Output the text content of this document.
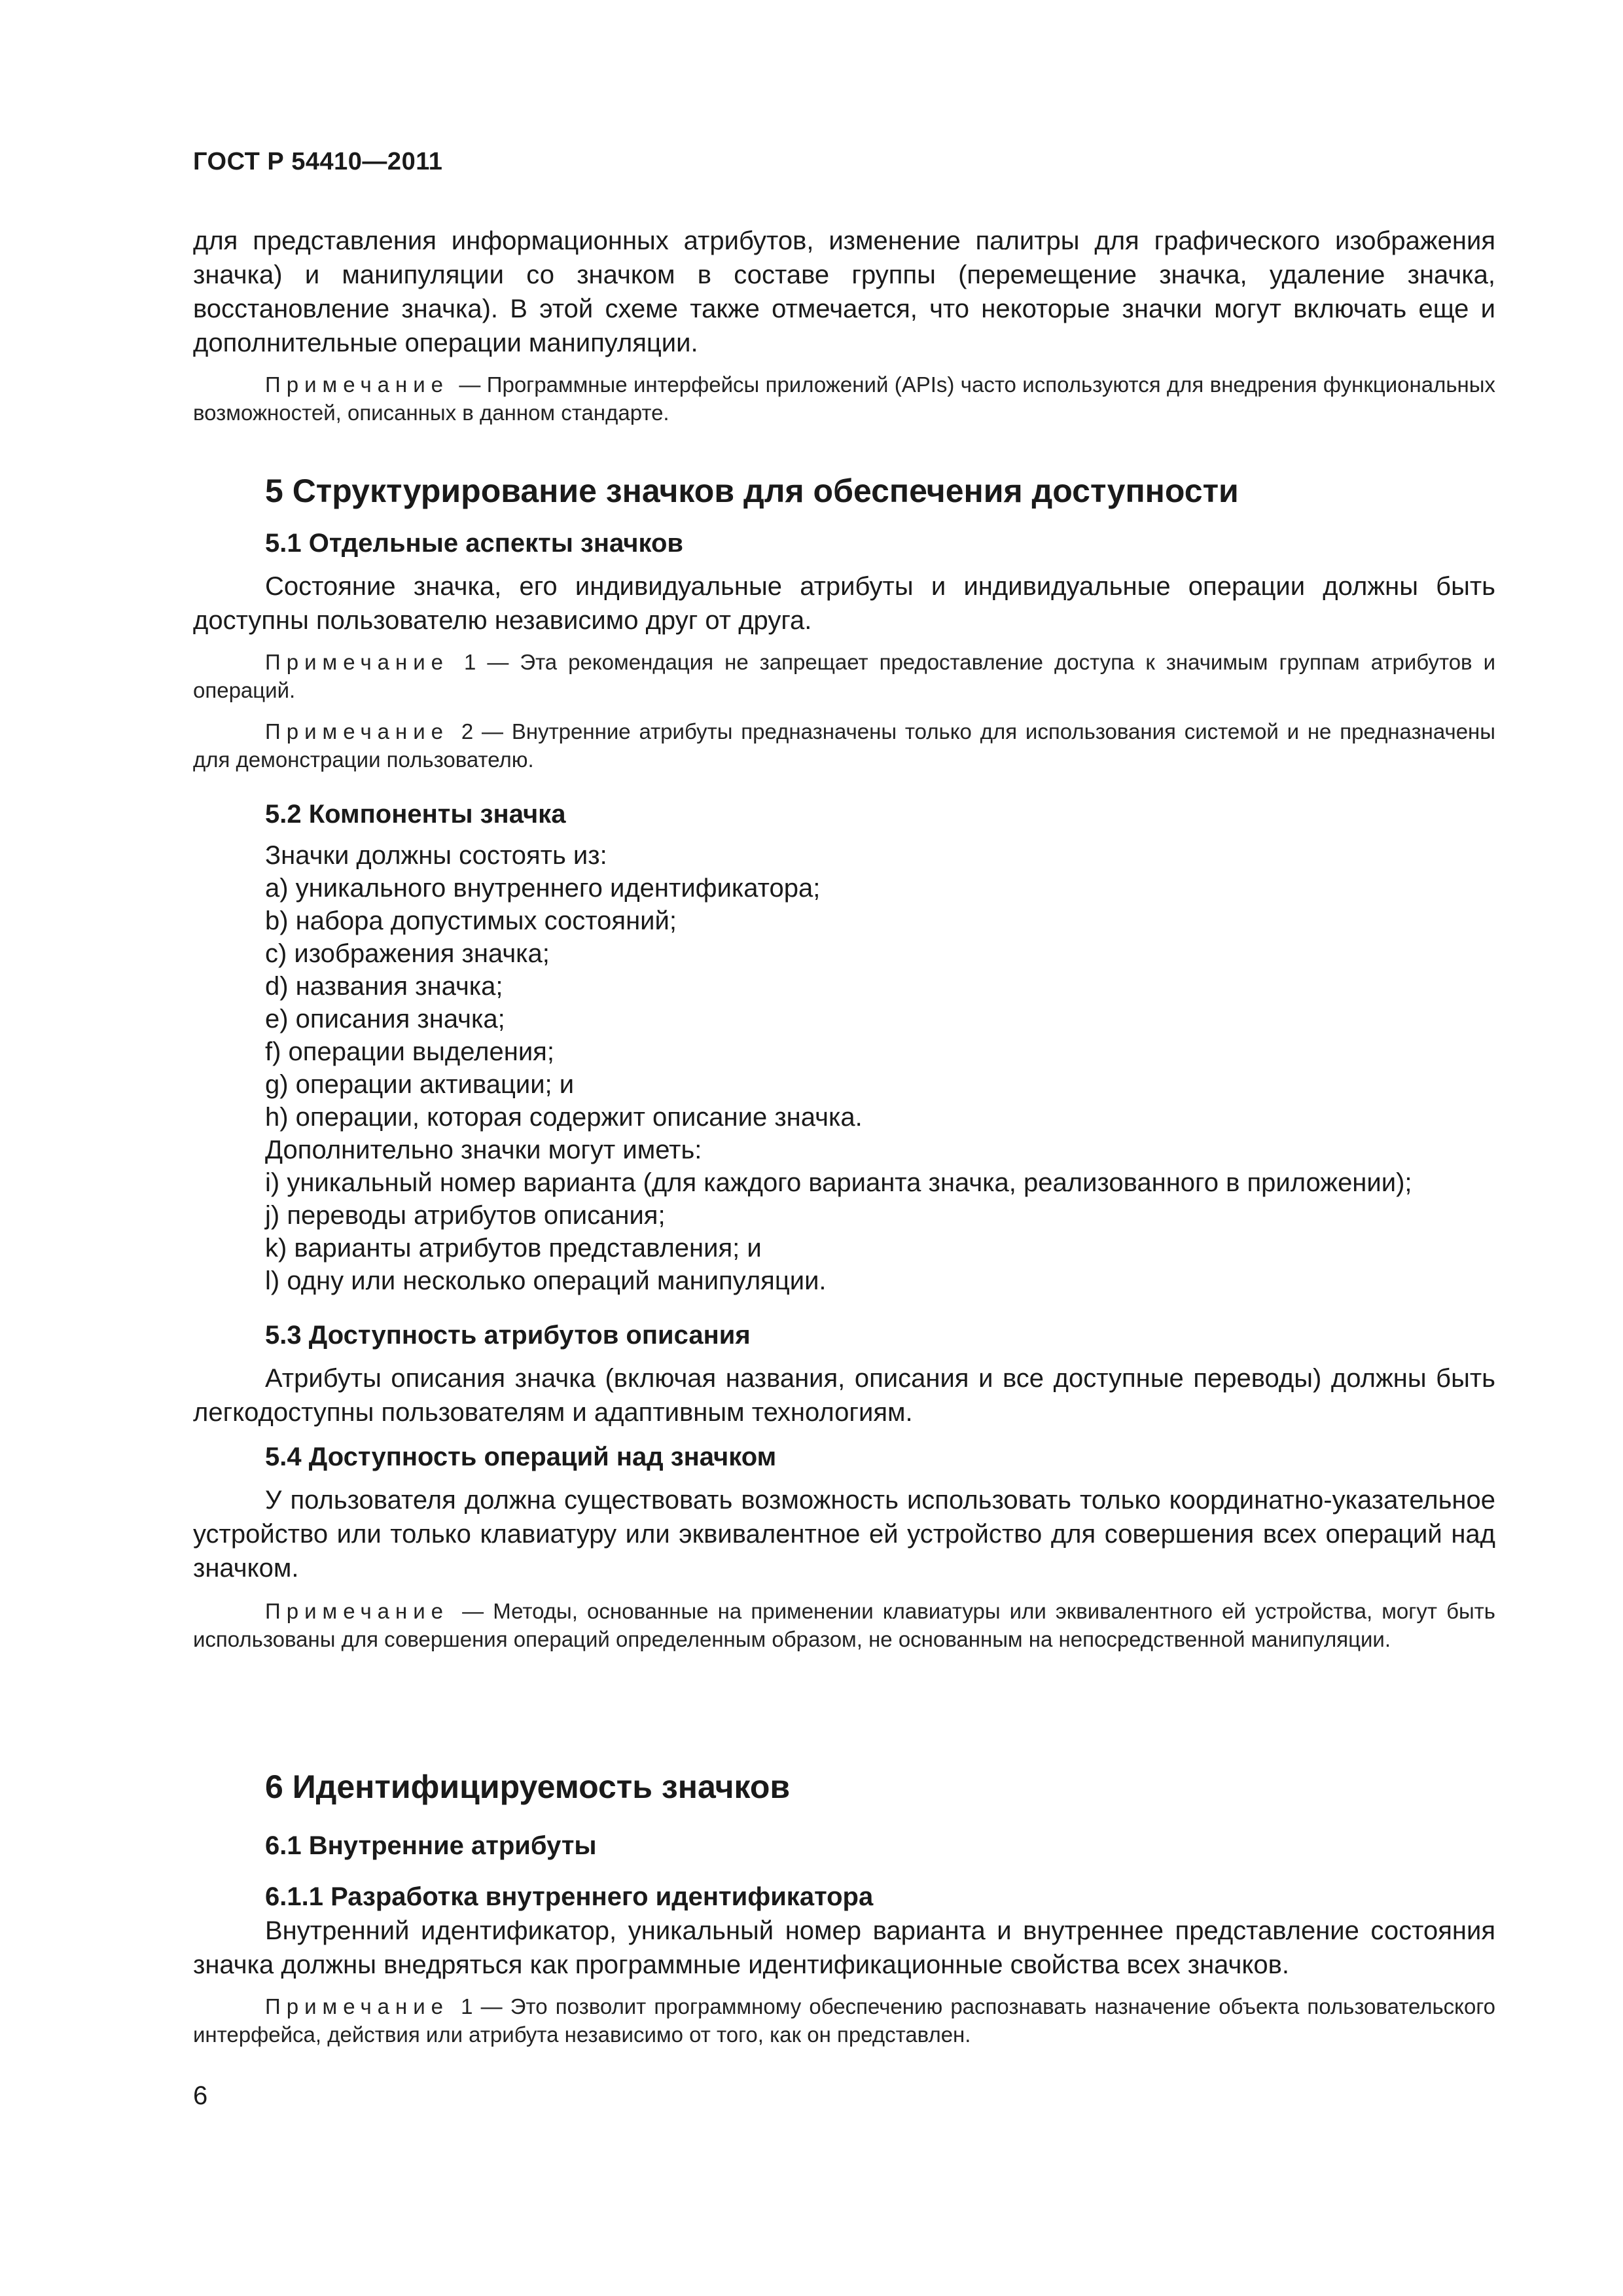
ГОСТ Р 54410—2011

для представления информационных атрибутов, изменение палитры для графического изображения значка) и манипуляции со значком в составе группы (перемещение значка, удаление значка, восстановление значка). В этой схеме также отмечается, что некоторые значки могут включать еще и дополнительные операции манипуляции.

Примечание — Программные интерфейсы приложений (APIs) часто используются для внедрения функциональных возможностей, описанных в данном стандарте.

5 Структурирование значков для обеспечения доступности
5.1 Отдельные аспекты значков

Состояние значка, его индивидуальные атрибуты и индивидуальные операции должны быть доступны пользователю независимо друг от друга.

Примечание 1 — Эта рекомендация не запрещает предоставление доступа к значимым группам атрибутов и операций.

Примечание 2 — Внутренние атрибуты предназначены только для использования системой и не предназначены для демонстрации пользователю.

5.2 Компоненты значка

Значки должны состоять из:

a) уникального внутреннего идентификатора;

b) набора допустимых состояний;

c) изображения значка;

d) названия значка;

e) описания значка;

f) операции выделения;

g) операции активации; и

h) операции, которая содержит описание значка.

Дополнительно значки могут иметь:

i) уникальный номер варианта (для каждого варианта значка, реализованного в приложении);

j) переводы атрибутов описания;

k) варианты атрибутов представления; и

l) одну или несколько операций манипуляции.

5.3 Доступность атрибутов описания

Атрибуты описания значка (включая названия, описания и все доступные переводы) должны быть легкодоступны пользователям и адаптивным технологиям.

5.4 Доступность операций над значком

У пользователя должна существовать возможность использовать только координатно-указательное устройство или только клавиатуру или эквивалентное ей устройство для совершения всех операций над значком.

Примечание — Методы, основанные на применении клавиатуры или эквивалентного ей устройства, могут быть использованы для совершения операций определенным образом, не основанным на непосредственной манипуляции.

6 Идентифицируемость значков
6.1 Внутренние атрибуты
6.1.1 Разработка внутреннего идентификатора

Внутренний идентификатор, уникальный номер варианта и внутреннее представление состояния значка должны внедряться как программные идентификационные свойства всех значков.

Примечание 1 — Это позволит программному обеспечению распознавать назначение объекта пользовательского интерфейса, действия или атрибута независимо от того, как он представлен.

6
